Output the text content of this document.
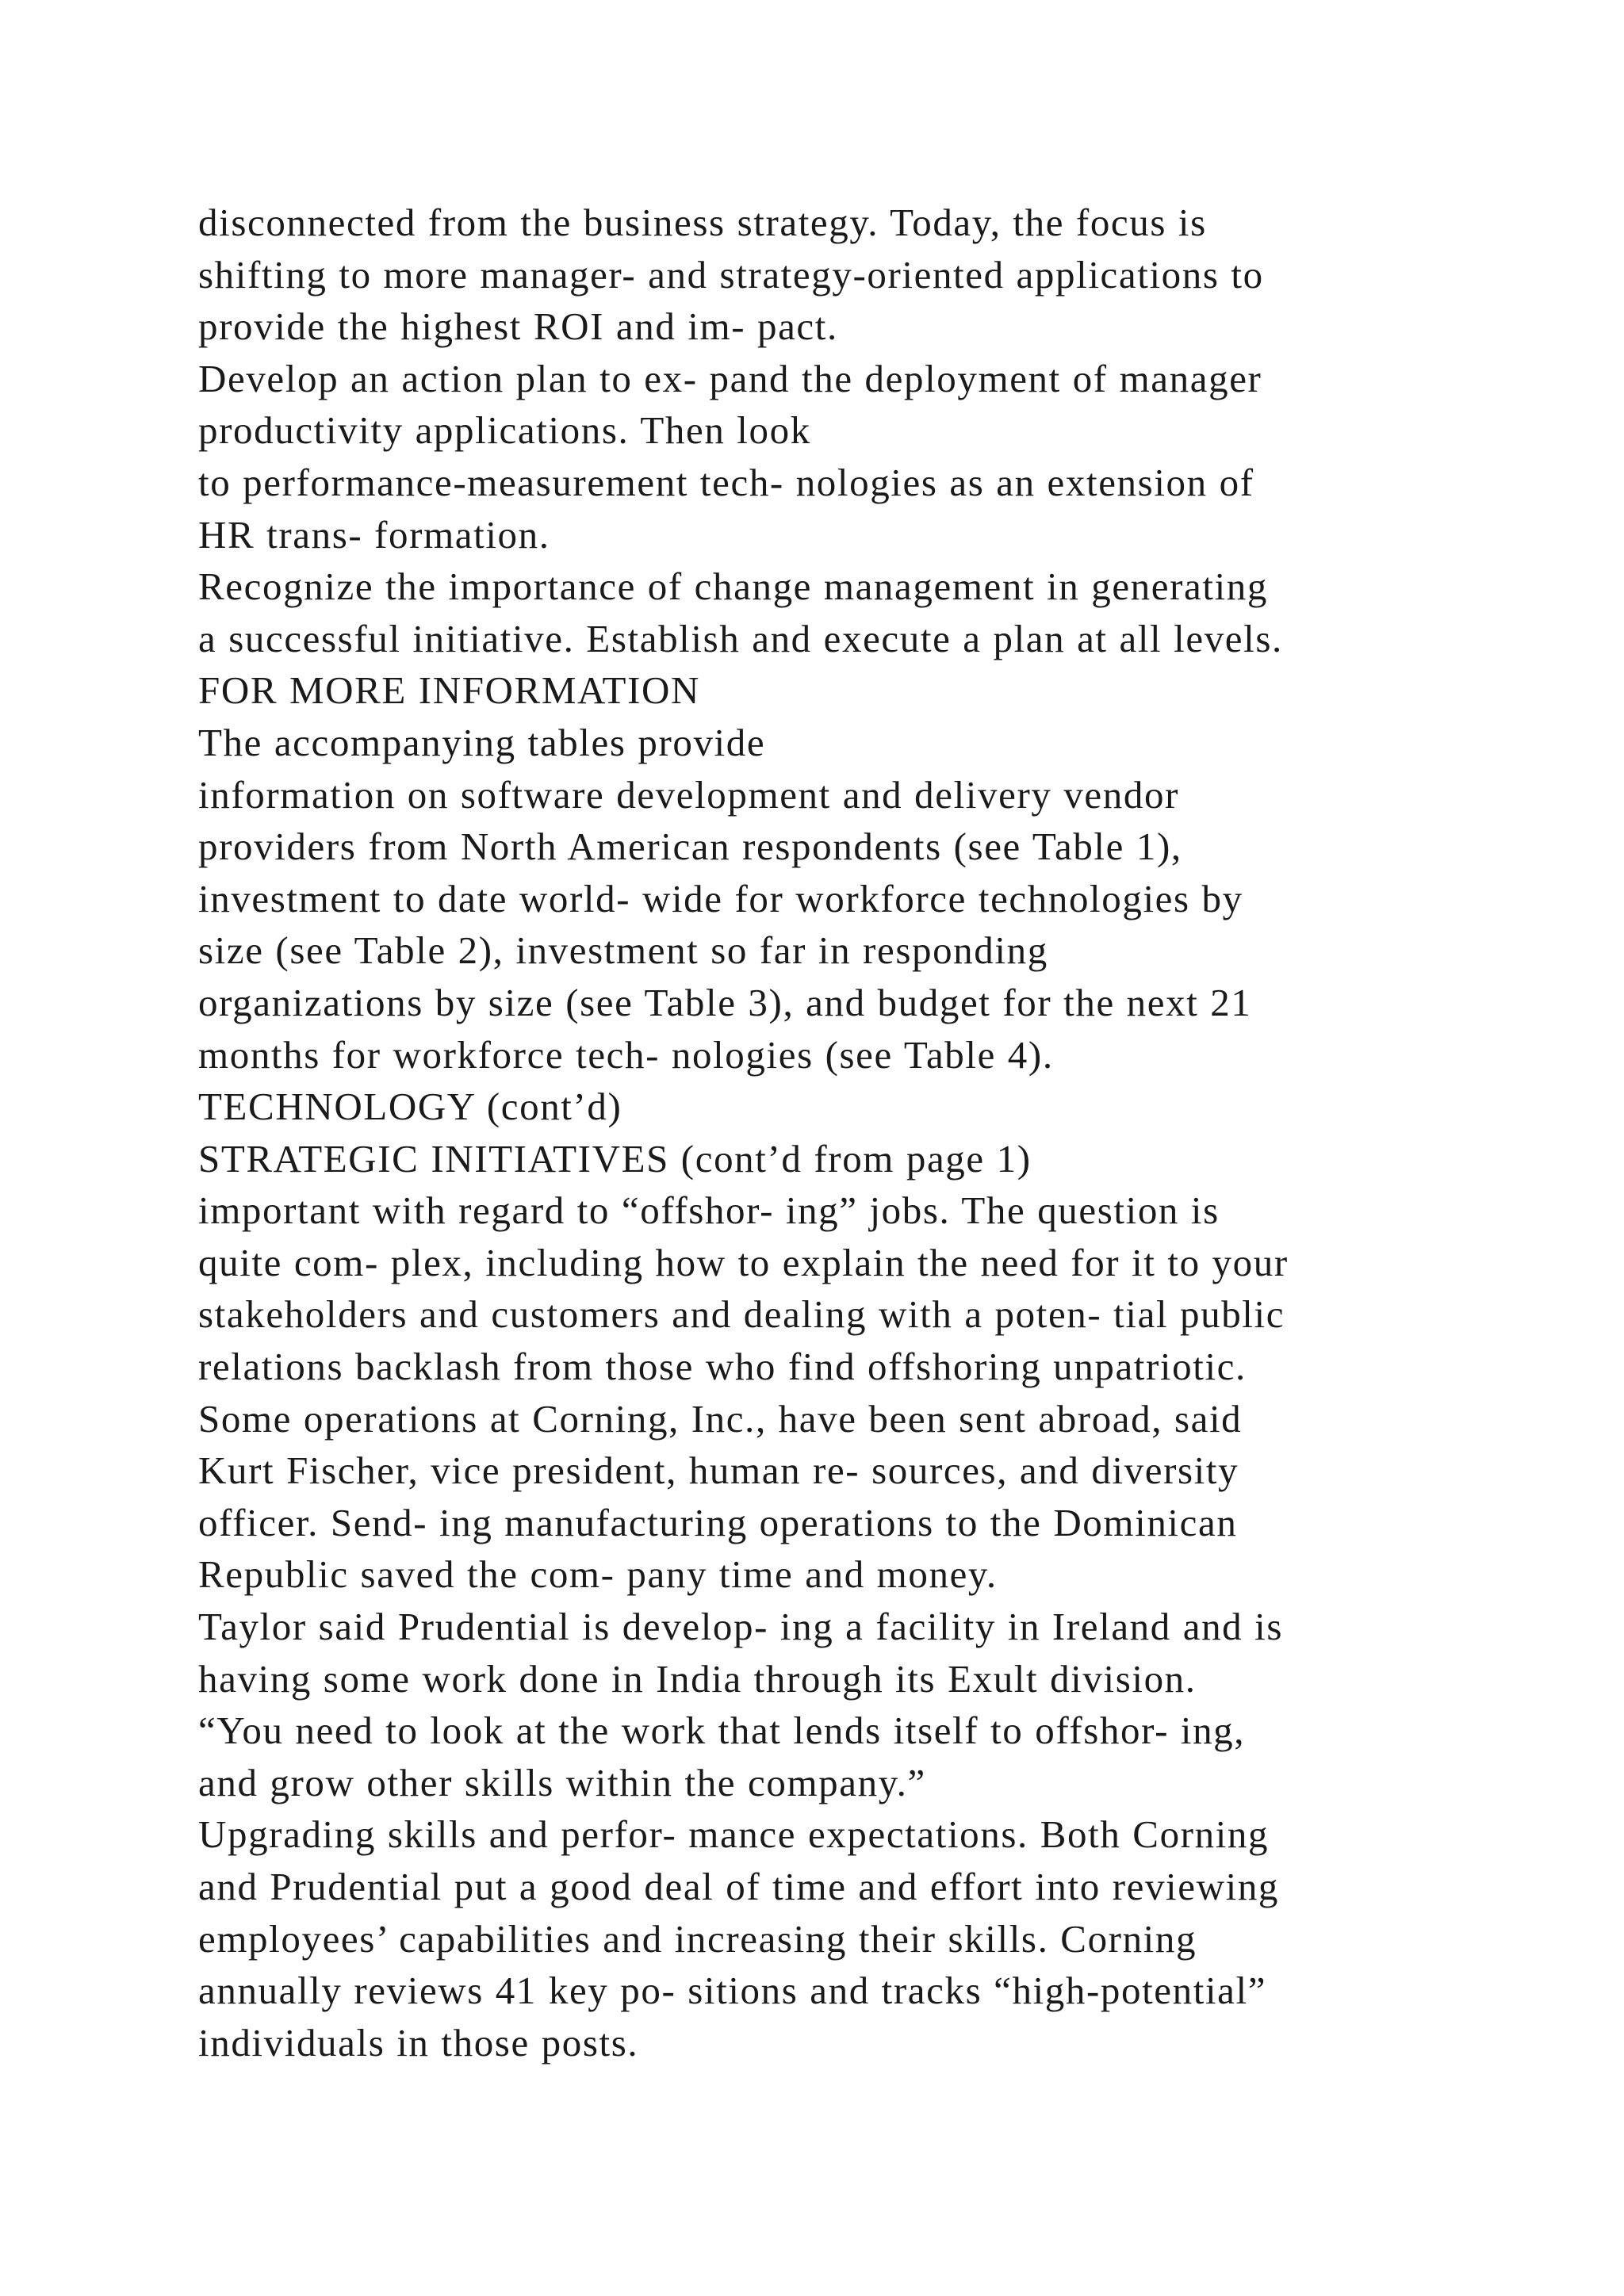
disconnected from the business strategy. Today, the focus is
shifting to more manager- and strategy-oriented applications to
provide the highest ROI and im- pact.
Develop an action plan to ex- pand the deployment of manager
productivity applications. Then look
to performance-measurement tech- nologies as an extension of
HR trans- formation.
Recognize the importance of change management in generating
a successful initiative. Establish and execute a plan at all levels.
FOR MORE INFORMATION
The accompanying tables provide
information on software development and delivery vendor
providers from North American respondents (see Table 1),
investment to date world- wide for workforce technologies by
size (see Table 2), investment so far in responding
organizations by size (see Table 3), and budget for the next 21
months for workforce tech- nologies (see Table 4).
TECHNOLOGY (cont’d)
STRATEGIC INITIATIVES (cont’d from page 1)
important with regard to “offshor- ing” jobs. The question is
quite com- plex, including how to explain the need for it to your
stakeholders and customers and dealing with a poten- tial public
relations backlash from those who find offshoring unpatriotic.
Some operations at Corning, Inc., have been sent abroad, said
Kurt Fischer, vice president, human re- sources, and diversity
officer. Send- ing manufacturing operations to the Dominican
Republic saved the com- pany time and money.
Taylor said Prudential is develop- ing a facility in Ireland and is
having some work done in India through its Exult division.
“You need to look at the work that lends itself to offshor- ing,
and grow other skills within the company.”
Upgrading skills and perfor- mance expectations. Both Corning
and Prudential put a good deal of time and effort into reviewing
employees’ capabilities and increasing their skills. Corning
annually reviews 41 key po- sitions and tracks “high-potential”
individuals in those posts.
